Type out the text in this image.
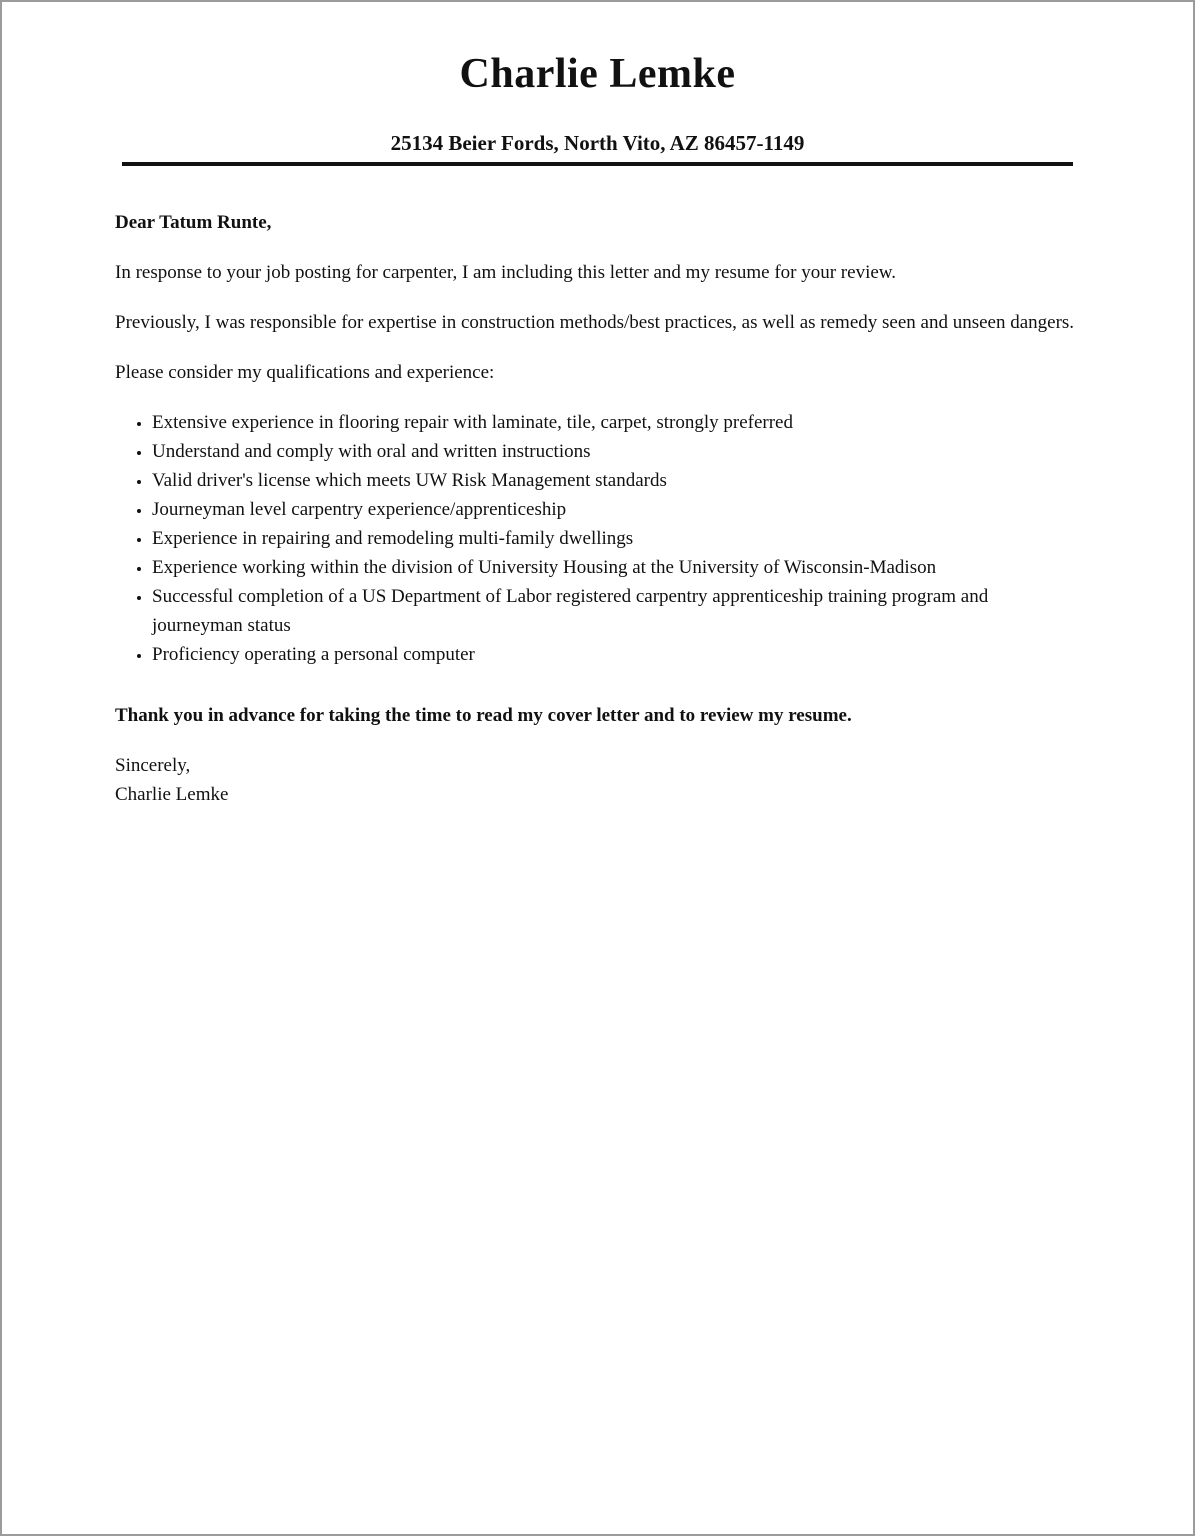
Charlie Lemke

25134 Beier Fords, North Vito, AZ 86457-1149

Dear Tatum Runte,

In response to your job posting for carpenter, I am including this letter and my resume for your review.

Previously, I was responsible for expertise in construction methods/best practices, as well as remedy seen and unseen dangers.

Please consider my qualifications and experience:

• Extensive experience in flooring repair with laminate, tile, carpet, strongly preferred
• Understand and comply with oral and written instructions
• Valid driver's license which meets UW Risk Management standards
• Journeyman level carpentry experience/apprenticeship
• Experience in repairing and remodeling multi-family dwellings
• Experience working within the division of University Housing at the University of Wisconsin-Madison
• Successful completion of a US Department of Labor registered carpentry apprenticeship training program and journeyman status
• Proficiency operating a personal computer

Thank you in advance for taking the time to read my cover letter and to review my resume.

Sincerely,

Charlie Lemke
